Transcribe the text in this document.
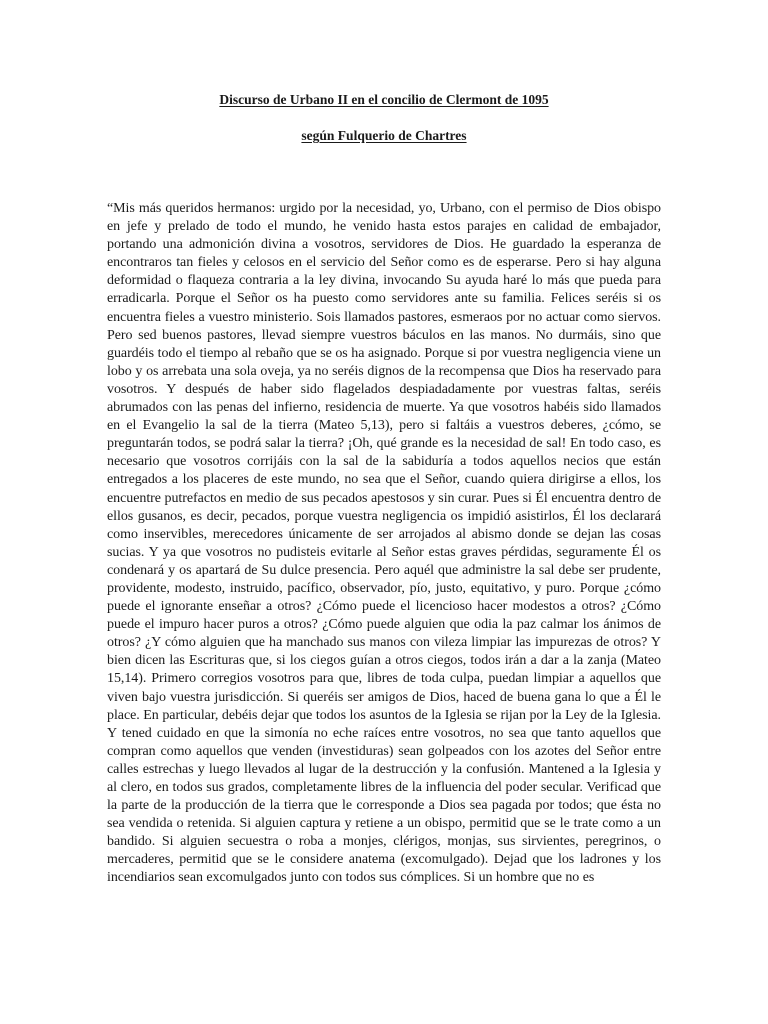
Discurso de Urbano II en el concilio de Clermont de 1095
según Fulquerio de Chartres

“Mis más queridos hermanos: urgido por la necesidad, yo, Urbano, con el permiso de Dios obispo en jefe y prelado de todo el mundo, he venido hasta estos parajes en calidad de embajador, portando una admonición divina a vosotros, servidores de Dios. He guardado la esperanza de encontraros tan fieles y celosos en el servicio del Señor como es de esperarse. Pero si hay alguna deformidad o flaqueza contraria a la ley divina, invocando Su ayuda haré lo más que pueda para erradicarla. Porque el Señor os ha puesto como servidores ante su familia. Felices seréis si os encuentra fieles a vuestro ministerio. Sois llamados pastores, esmeraos por no actuar como siervos. Pero sed buenos pastores, llevad siempre vuestros báculos en las manos. No durmáis, sino que guardéis todo el tiempo al rebaño que se os ha asignado. Porque si por vuestra negligencia viene un lobo y os arrebata una sola oveja, ya no seréis dignos de la recompensa que Dios ha reservado para vosotros. Y después de haber sido flagelados despiadadamente por vuestras faltas, seréis abrumados con las penas del infierno, residencia de muerte. Ya que vosotros habéis sido llamados en el Evangelio la sal de la tierra (Mateo 5,13), pero si faltáis a vuestros deberes, ¿cómo, se preguntarán todos, se podrá salar la tierra? ¡Oh, qué grande es la necesidad de sal! En todo caso, es necesario que vosotros corrijáis con la sal de la sabiduría a todos aquellos necios que están entregados a los placeres de este mundo, no sea que el Señor, cuando quiera dirigirse a ellos, los encuentre putrefactos en medio de sus pecados apestosos y sin curar. Pues si Él encuentra dentro de ellos gusanos, es decir, pecados, porque vuestra negligencia os impidió asistirlos, Él los declarará como inservibles, merecedores únicamente de ser arrojados al abismo donde se dejan las cosas sucias. Y ya que vosotros no pudisteis evitarle al Señor estas graves pérdidas, seguramente Él os condenará y os apartará de Su dulce presencia. Pero aquél que administre la sal debe ser prudente, providente, modesto, instruido, pacífico, observador, pío, justo, equitativo, y puro. Porque ¿cómo puede el ignorante enseñar a otros? ¿Cómo puede el licencioso hacer modestos a otros? ¿Cómo puede el impuro hacer puros a otros? ¿Cómo puede alguien que odia la paz calmar los ánimos de otros? ¿Y cómo alguien que ha manchado sus manos con vileza limpiar las impurezas de otros? Y bien dicen las Escrituras que, si los ciegos guían a otros ciegos, todos irán a dar a la zanja (Mateo 15,14). Primero corregios vosotros para que, libres de toda culpa, puedan limpiar a aquellos que viven bajo vuestra jurisdicción. Si queréis ser amigos de Dios, haced de buena gana lo que a Él le place. En particular, debéis dejar que todos los asuntos de la Iglesia se rijan por la Ley de la Iglesia. Y tened cuidado en que la simonía no eche raíces entre vosotros, no sea que tanto aquellos que compran como aquellos que venden (investiduras) sean golpeados con los azotes del Señor entre calles estrechas y luego llevados al lugar de la destrucción y la confusión. Mantened a la Iglesia y al clero, en todos sus grados, completamente libres de la influencia del poder secular. Verificad que la parte de la producción de la tierra que le corresponde a Dios sea pagada por todos; que ésta no sea vendida o retenida. Si alguien captura y retiene a un obispo, permitid que se le trate como a un bandido. Si alguien secuestra o roba a monjes, clérigos, monjas, sus sirvientes, peregrinos, o mercaderes, permitid que se le considere anatema (excomulgado). Dejad que los ladrones y los incendiarios sean excomulgados junto con todos sus cómplices. Si un hombre que no es
